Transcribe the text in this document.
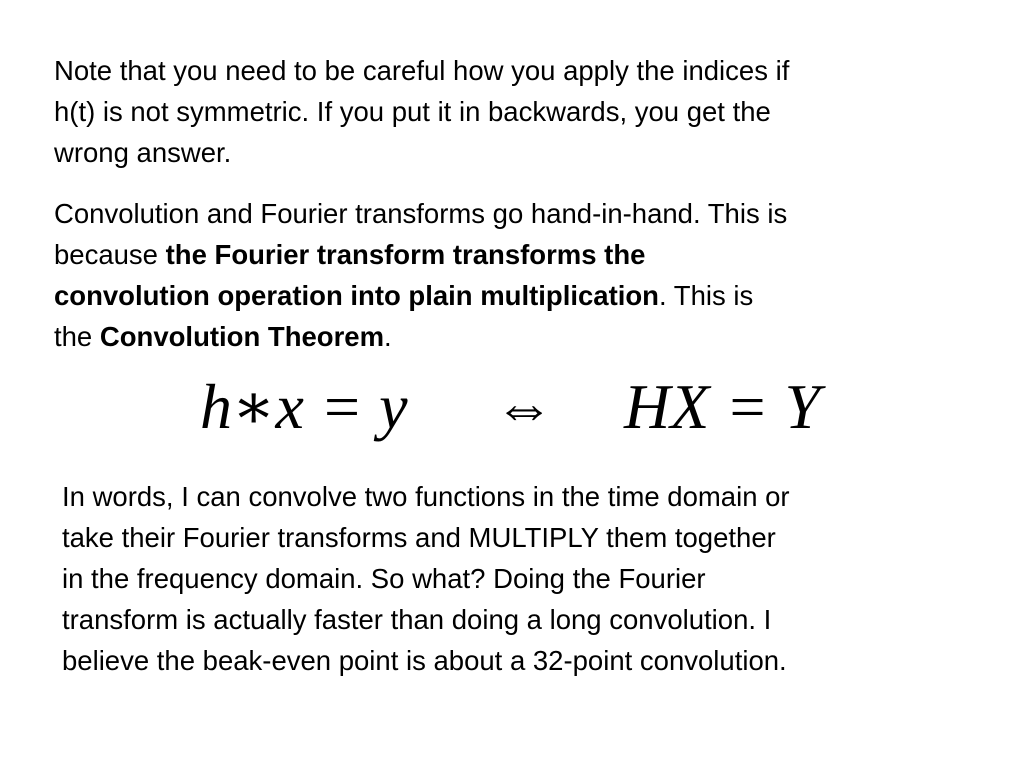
Note that you need to be careful how you apply the indices if
h(t) is not symmetric. If you put it in backwards, you get the
wrong answer.

Convolution and Fourier transforms go hand-in-hand. This is
because the Fourier transform transforms the
convolution operation into plain multiplication. This is
the Convolution Theorem.

h∗x = y ⇔ HX = Y

In words, I can convolve two functions in the time domain or
take their Fourier transforms and MULTIPLY them together
in the frequency domain. So what? Doing the Fourier
transform is actually faster than doing a long convolution. I
believe the beak-even point is about a 32-point convolution.
